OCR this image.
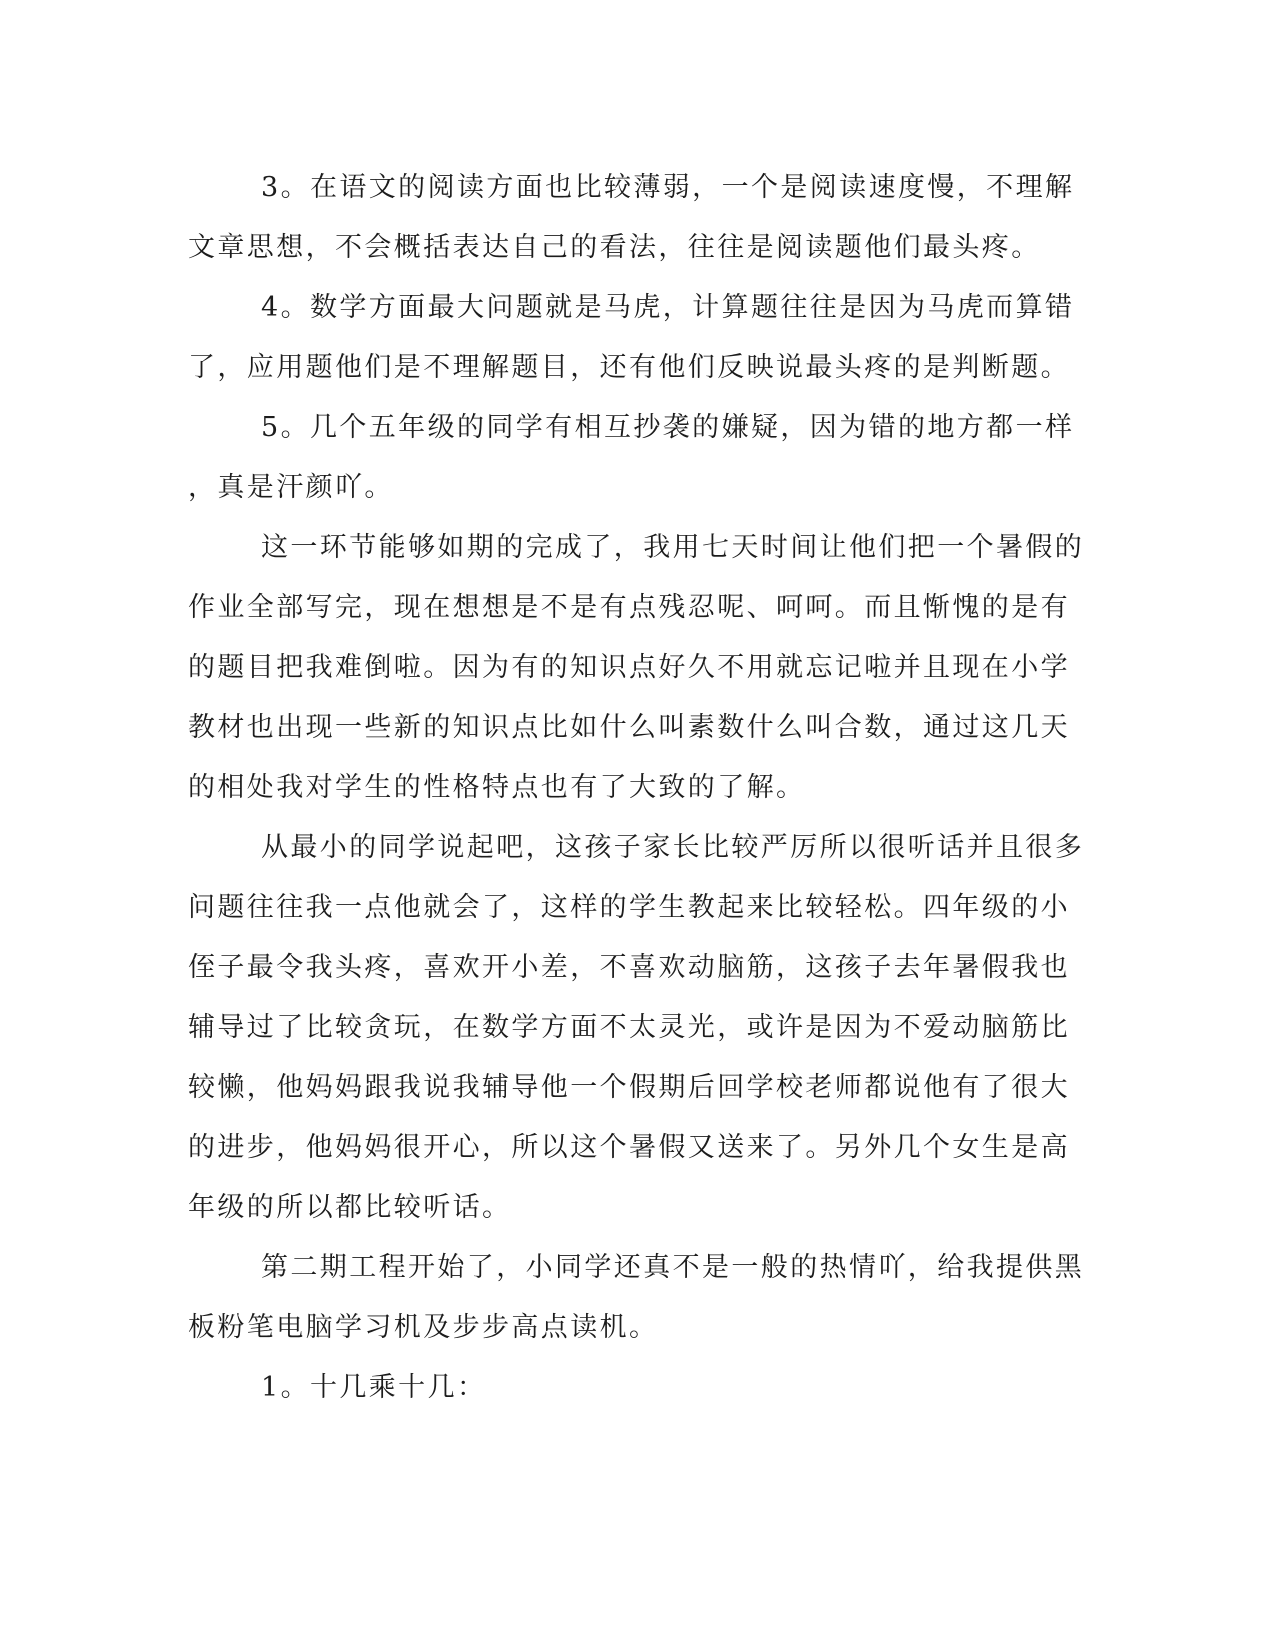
3。在语文的阅读方面也比较薄弱，一个是阅读速度慢，不理解
文章思想，不会概括表达自己的看法，往往是阅读题他们最头疼。
4。数学方面最大问题就是马虎，计算题往往是因为马虎而算错
了，应用题他们是不理解题目，还有他们反映说最头疼的是判断题。
5。几个五年级的同学有相互抄袭的嫌疑，因为错的地方都一样
，真是汗颜吖。
这一环节能够如期的完成了，我用七天时间让他们把一个暑假的
作业全部写完，现在想想是不是有点残忍呢、呵呵。而且惭愧的是有
的题目把我难倒啦。因为有的知识点好久不用就忘记啦并且现在小学
教材也出现一些新的知识点比如什么叫素数什么叫合数，通过这几天
的相处我对学生的性格特点也有了大致的了解。
从最小的同学说起吧，这孩子家长比较严厉所以很听话并且很多
问题往往我一点他就会了，这样的学生教起来比较轻松。四年级的小
侄子最令我头疼，喜欢开小差，不喜欢动脑筋，这孩子去年暑假我也
辅导过了比较贪玩，在数学方面不太灵光，或许是因为不爱动脑筋比
较懒，他妈妈跟我说我辅导他一个假期后回学校老师都说他有了很大
的进步，他妈妈很开心，所以这个暑假又送来了。另外几个女生是高
年级的所以都比较听话。
第二期工程开始了，小同学还真不是一般的热情吖，给我提供黑
板粉笔电脑学习机及步步高点读机。
1。十几乘十几：
